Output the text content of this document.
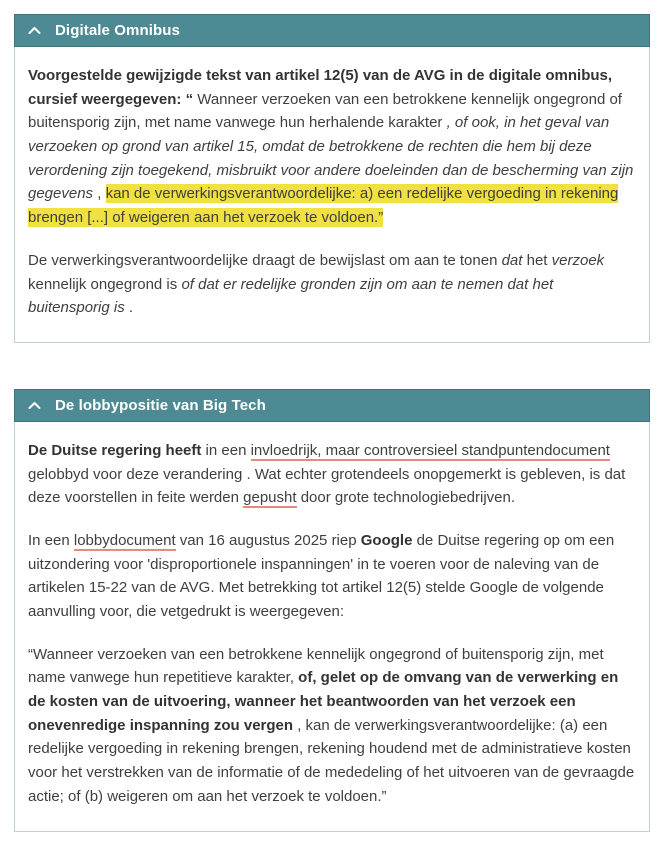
Digitale Omnibus

Voorgestelde gewijzigde tekst van artikel 12(5) van de AVG in de digitale omnibus, cursief weergegeven: “ Wanneer verzoeken van een betrokkene kennelijk ongegrond of buitensporig zijn, met name vanwege hun herhalende karakter , of ook, in het geval van verzoeken op grond van artikel 15, omdat de betrokkene de rechten die hem bij deze verordening zijn toegekend, misbruikt voor andere doeleinden dan de bescherming van zijn gegevens , kan de verwerkingsverantwoordelijke: a) een redelijke vergoeding in rekening brengen [...] of weigeren aan het verzoek te voldoen.”

De verwerkingsverantwoordelijke draagt de bewijslast om aan te tonen dat het verzoek kennelijk ongegrond is of dat er redelijke gronden zijn om aan te nemen dat het buitensporig is .

De lobbypositie van Big Tech

De Duitse regering heeft in een invloedrijk, maar controversieel standpuntendocument gelobbyd voor deze verandering . Wat echter grotendeels onopgemerkt is gebleven, is dat deze voorstellen in feite werden gepusht door grote technologiebedrijven.

In een lobbydocument van 16 augustus 2025 riep Google de Duitse regering op om een uitzondering voor 'disproportionele inspanningen' in te voeren voor de naleving van de artikelen 15-22 van de AVG. Met betrekking tot artikel 12(5) stelde Google de volgende aanvulling voor, die vetgedrukt is weergegeven:

“Wanneer verzoeken van een betrokkene kennelijk ongegrond of buitensporig zijn, met name vanwege hun repetitieve karakter, of, gelet op de omvang van de verwerking en de kosten van de uitvoering, wanneer het beantwoorden van het verzoek een onevenredige inspanning zou vergen , kan de verwerkingsverantwoordelijke: (a) een redelijke vergoeding in rekening brengen, rekening houdend met de administratieve kosten voor het verstrekken van de informatie of de mededeling of het uitvoeren van de gevraagde actie; of (b) weigeren om aan het verzoek te voldoen.”
